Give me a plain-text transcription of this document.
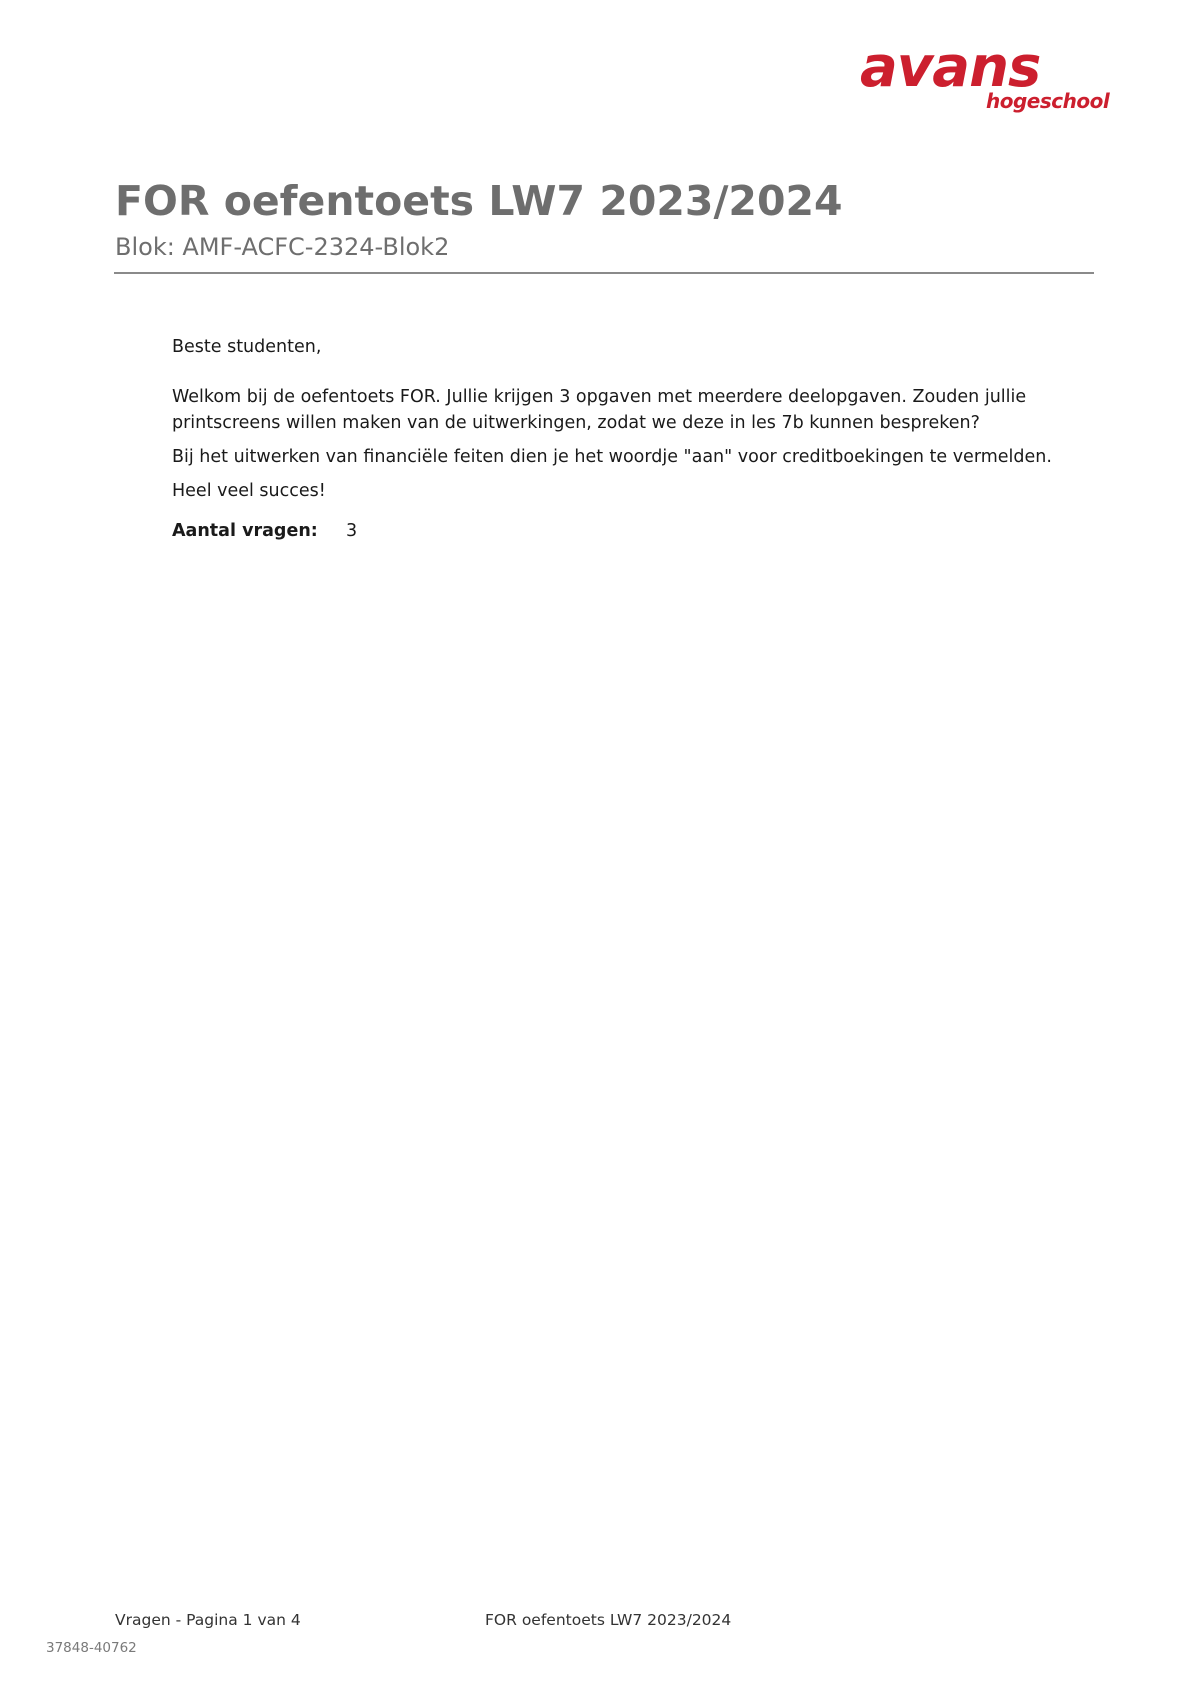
avans
hogeschool
FOR oefentoets LW7 2023/2024
Blok: AMF-ACFC-2324-Blok2

Beste studenten,

Welkom bij de oefentoets FOR. Jullie krijgen 3 opgaven met meerdere deelopgaven. Zouden jullie printscreens willen maken van de uitwerkingen, zodat we deze in les 7b kunnen bespreken?

Bij het uitwerken van financiële feiten dien je het woordje "aan" voor creditboekingen te vermelden.

Heel veel succes!

Aantal vragen:	3
Vragen - Pagina 1 van 4	FOR oefentoets LW7 2023/2024
37848-40762
